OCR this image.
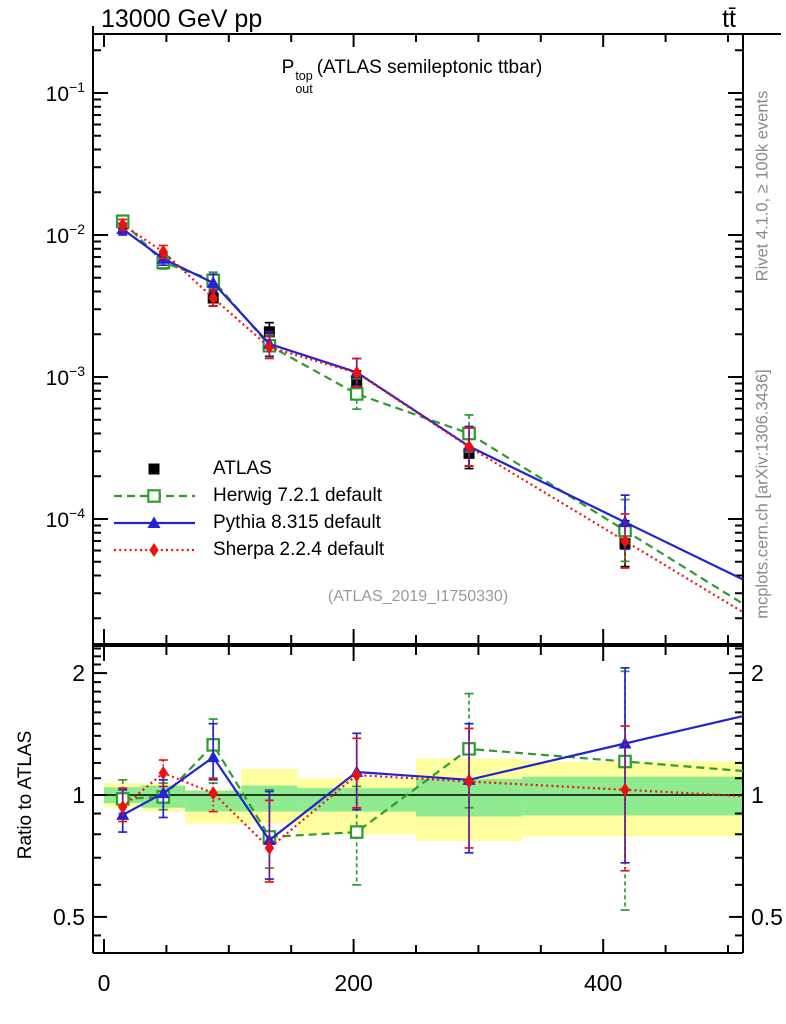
$10^{-1}$
$10^{-2}$
$10^{-3}$
$10^{-4}$
2	2
1	1
0.5	0.5
0	200	400
13000 GeV pp	tt̄
P top
out
(ATLAS semileptonic ttbar)
ATLAS
Herwig 7.2.1 default
Pythia 8.315 default
Sherpa 2.2.4 default
(ATLAS_2019_I1750330)
Rivet 4.1.0, ≥ 100k events
mcplots.cern.ch [arXiv:1306.3436]
Ratio to ATLAS
